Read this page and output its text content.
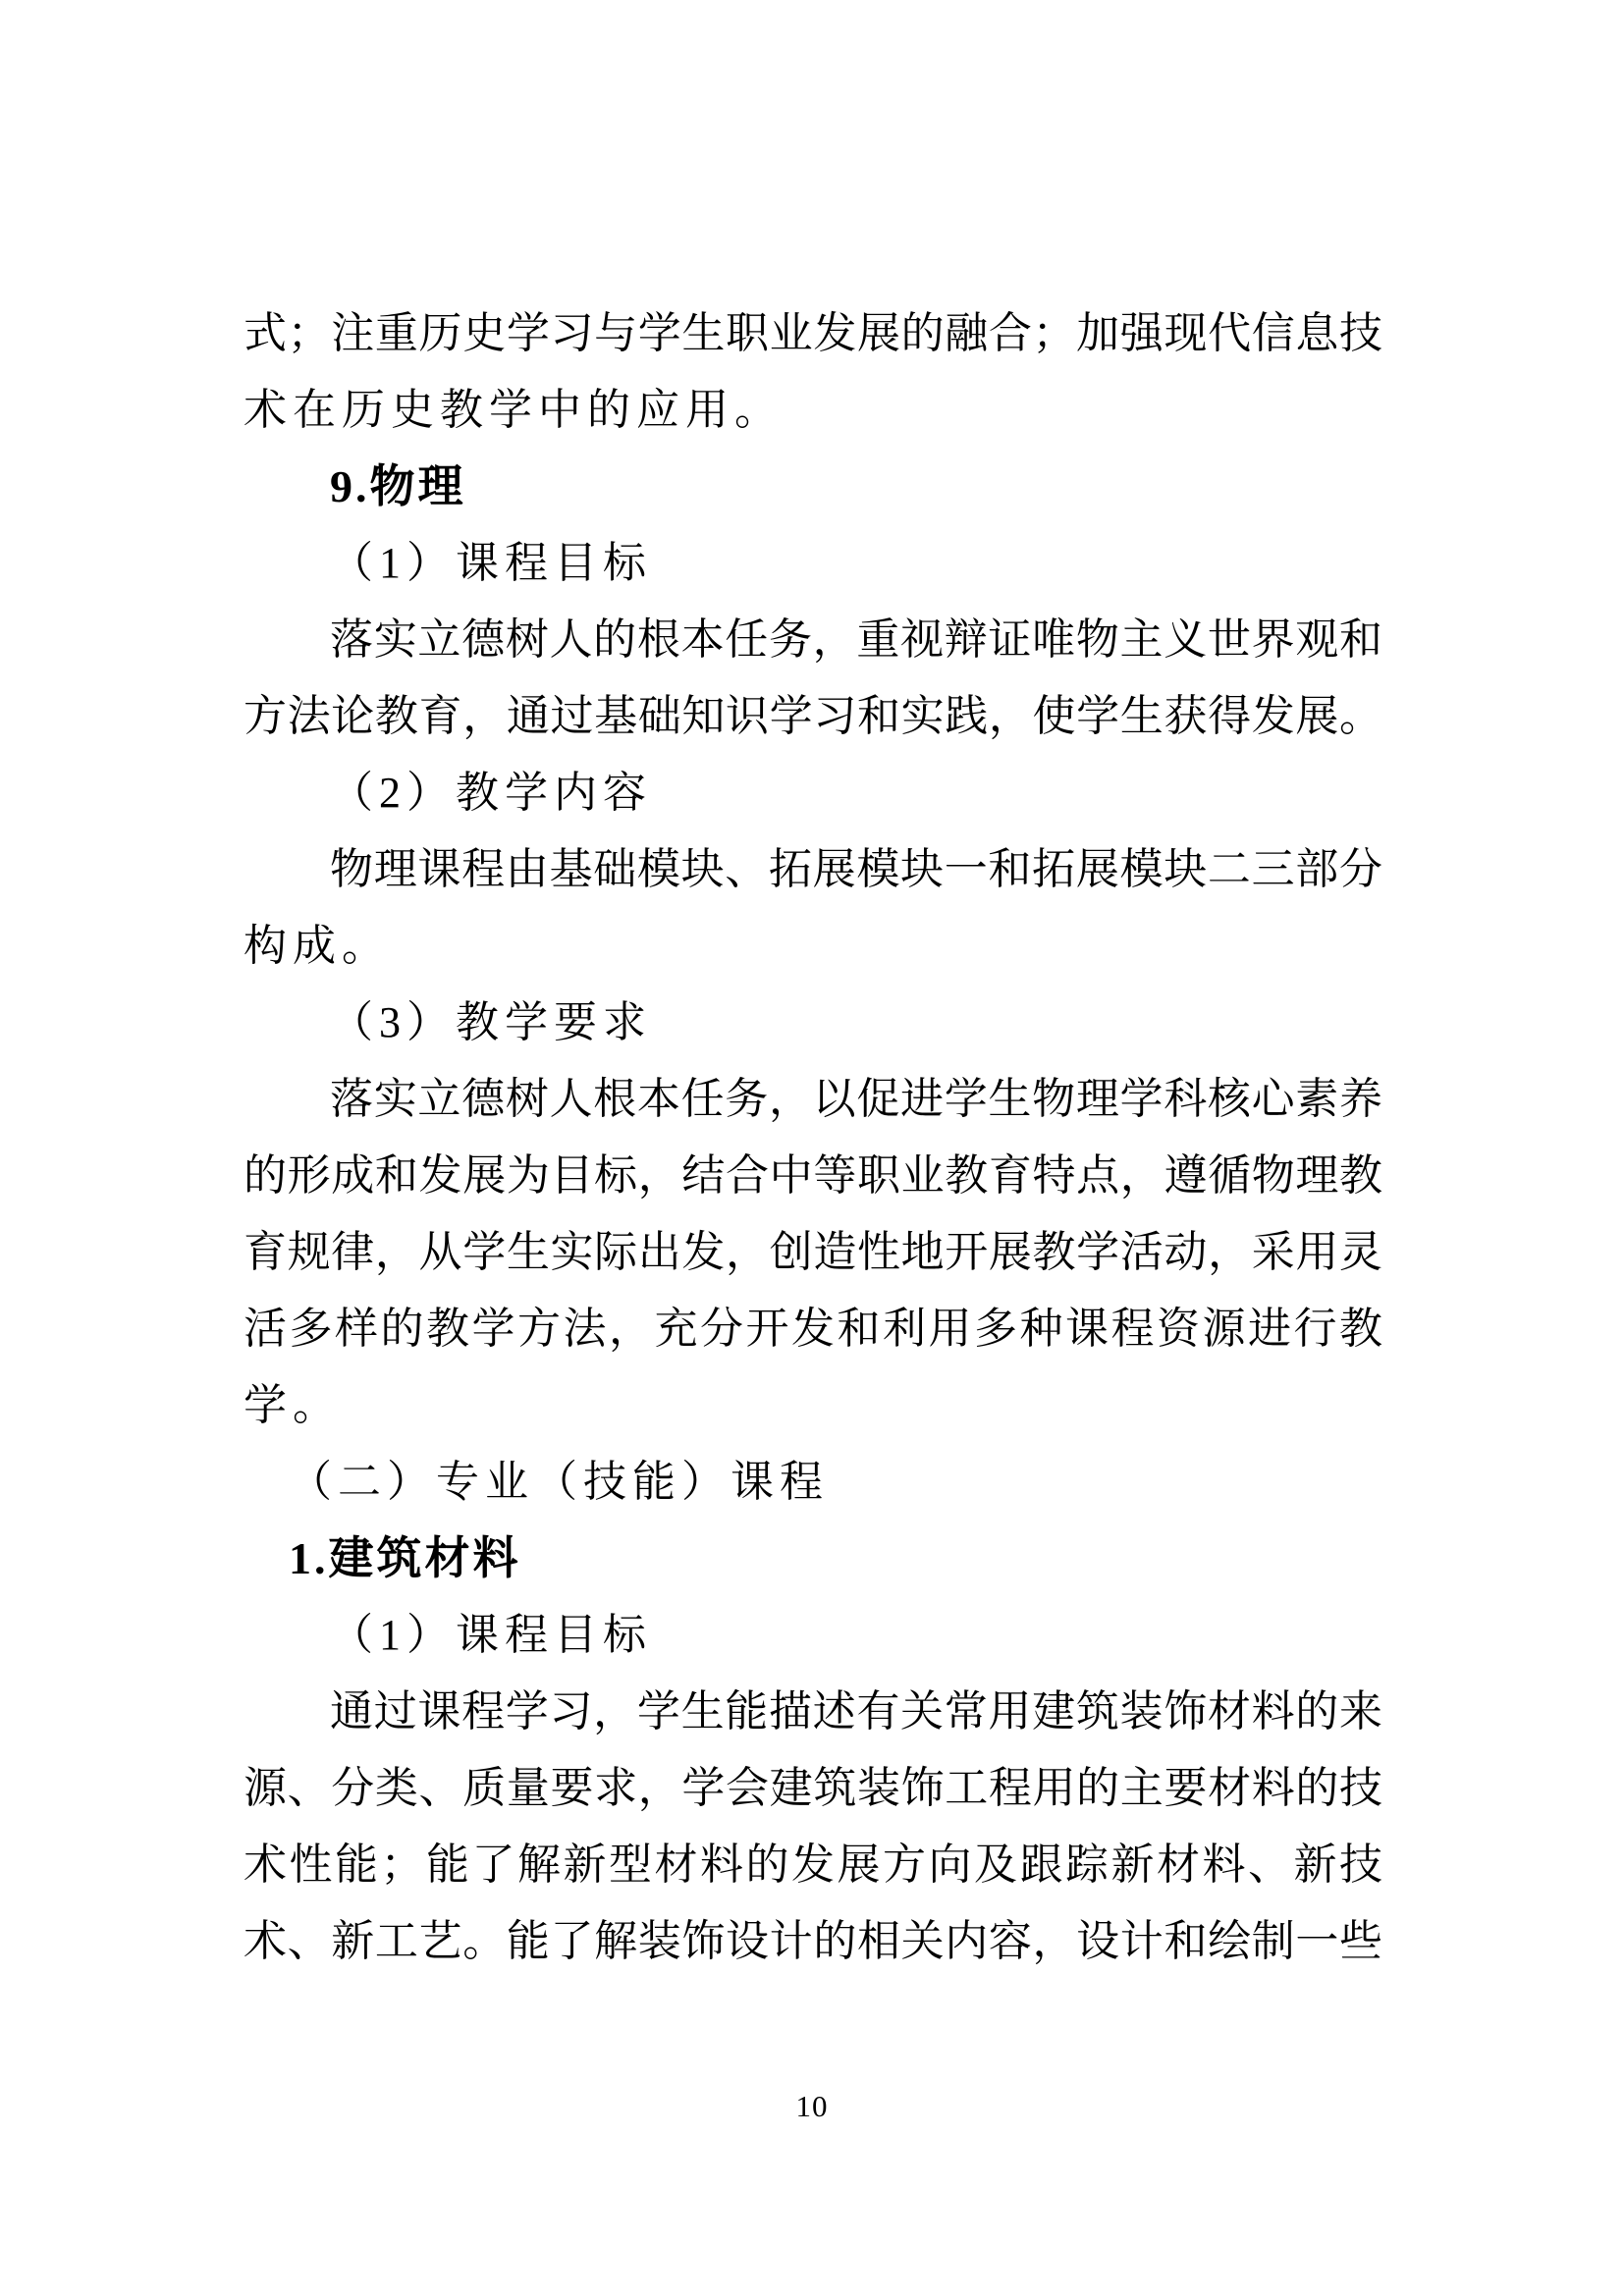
式；注重历史学习与学生职业发展的融合；加强现代信息技
术在历史教学中的应用。
9.物理
（1）课程目标
落实立德树人的根本任务，重视辩证唯物主义世界观和
方法论教育，通过基础知识学习和实践，使学生获得发展。
（2）教学内容
物理课程由基础模块、拓展模块一和拓展模块二三部分
构成。
（3）教学要求
落实立德树人根本任务，以促进学生物理学科核心素养
的形成和发展为目标，结合中等职业教育特点，遵循物理教
育规律，从学生实际出发，创造性地开展教学活动，采用灵
活多样的教学方法，充分开发和利用多种课程资源进行教
学。
（二）专业（技能）课程
1.建筑材料
（1）课程目标
通过课程学习，学生能描述有关常用建筑装饰材料的来
源、分类、质量要求，学会建筑装饰工程用的主要材料的技
术性能；能了解新型材料的发展方向及跟踪新材料、新技
术、新工艺。能了解装饰设计的相关内容，设计和绘制一些
10
